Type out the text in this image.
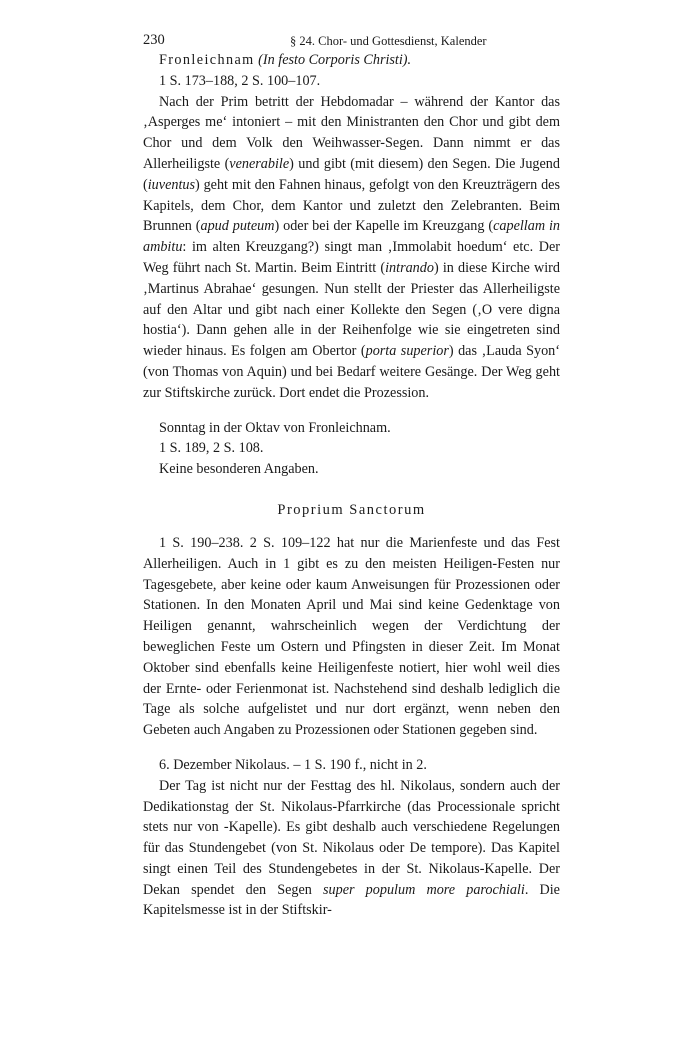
230	§ 24. Chor- und Gottesdienst, Kalender
Fronleichnam (In festo Corporis Christi).
1 S. 173–188, 2 S. 100–107.

Nach der Prim betritt der Hebdomadar – während der Kantor das ‚Asperges me‘ intoniert – mit den Ministranten den Chor und gibt dem Chor und dem Volk den Weihwasser-Segen. Dann nimmt er das Allerheiligste (venerabile) und gibt (mit diesem) den Segen. Die Jugend (iuventus) geht mit den Fahnen hinaus, gefolgt von den Kreuzträgern des Kapitels, dem Chor, dem Kantor und zuletzt den Zelebranten. Beim Brunnen (apud puteum) oder bei der Kapelle im Kreuzgang (capellam in ambitu: im alten Kreuzgang?) singt man ‚Immolabit hoedum‘ etc. Der Weg führt nach St. Martin. Beim Eintritt (intrando) in diese Kirche wird ‚Martinus Abrahae‘ gesungen. Nun stellt der Priester das Allerheiligste auf den Altar und gibt nach einer Kollekte den Segen (‚O vere digna hostia‘). Dann gehen alle in der Reihenfolge wie sie eingetreten sind wieder hinaus. Es folgen am Obertor (porta superior) das ‚Lauda Syon‘ (von Thomas von Aquin) und bei Bedarf weitere Gesänge. Der Weg geht zur Stiftskirche zurück. Dort endet die Prozession.

Sonntag in der Oktav von Fronleichnam.
1 S. 189, 2 S. 108.
Keine besonderen Angaben.

Proprium Sanctorum

1 S. 190–238. 2 S. 109–122 hat nur die Marienfeste und das Fest Allerheiligen. Auch in 1 gibt es zu den meisten Heiligen-Festen nur Tagesgebete, aber keine oder kaum Anweisungen für Prozessionen oder Stationen. In den Monaten April und Mai sind keine Gedenktage von Heiligen genannt, wahrscheinlich wegen der Verdichtung der beweglichen Feste um Ostern und Pfingsten in dieser Zeit. Im Monat Oktober sind ebenfalls keine Heiligenfeste notiert, hier wohl weil dies der Ernte- oder Ferienmonat ist. Nachstehend sind deshalb lediglich die Tage als solche aufgelistet und nur dort ergänzt, wenn neben den Gebeten auch Angaben zu Prozessionen oder Stationen gegeben sind.

6. Dezember Nikolaus. – 1 S. 190 f., nicht in 2.

Der Tag ist nicht nur der Festtag des hl. Nikolaus, sondern auch der Dedikationstag der St. Nikolaus-Pfarrkirche (das Processionale spricht stets nur von -Kapelle). Es gibt deshalb auch verschiedene Regelungen für das Stundengebet (von St. Nikolaus oder De tempore). Das Kapitel singt einen Teil des Stundengebetes in der St. Nikolaus-Kapelle. Der Dekan spendet den Segen super populum more parochiali. Die Kapitelsmesse ist in der Stiftskir-
